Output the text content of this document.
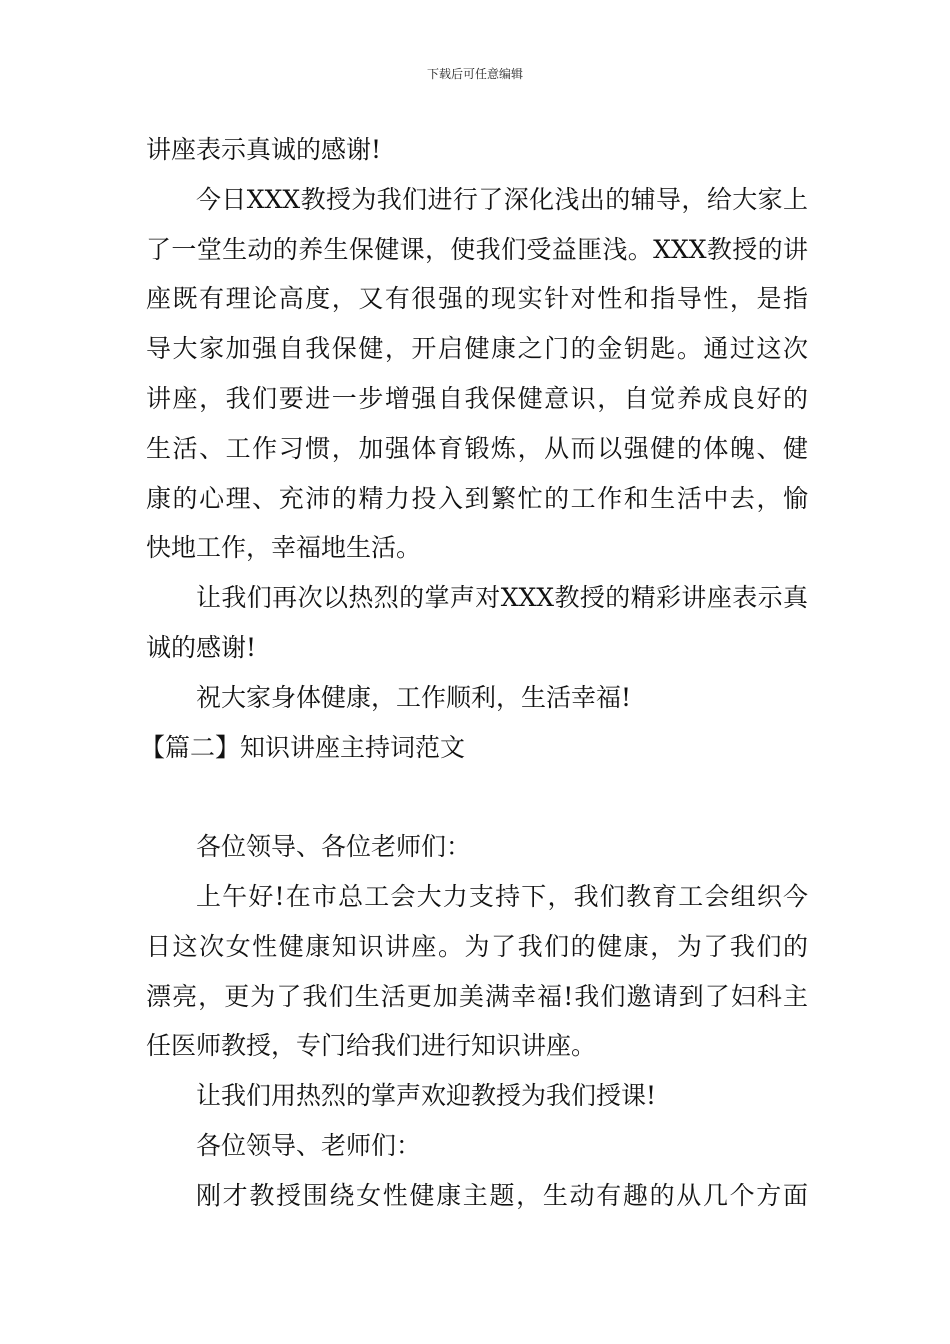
下载后可任意编辑
讲座表示真诚的感谢!
今日XXX教授为我们进行了深化浅出的辅导，给大家上
了一堂生动的养生保健课，使我们受益匪浅。XXX教授的讲
座既有理论高度，又有很强的现实针对性和指导性，是指
导大家加强自我保健，开启健康之门的金钥匙。通过这次
讲座，我们要进一步增强自我保健意识，自觉养成良好的
生活、工作习惯，加强体育锻炼，从而以强健的体魄、健
康的心理、充沛的精力投入到繁忙的工作和生活中去，愉
快地工作，幸福地生活。
让我们再次以热烈的掌声对XXX教授的精彩讲座表示真
诚的感谢!
祝大家身体健康，工作顺利，生活幸福!
【篇二】知识讲座主持词范文
各位领导、各位老师们：
上午好!在市总工会大力支持下，我们教育工会组织今
日这次女性健康知识讲座。为了我们的健康，为了我们的
漂亮，更为了我们生活更加美满幸福!我们邀请到了妇科主
任医师教授，专门给我们进行知识讲座。
让我们用热烈的掌声欢迎教授为我们授课!
各位领导、老师们：
刚才教授围绕女性健康主题，生动有趣的从几个方面
